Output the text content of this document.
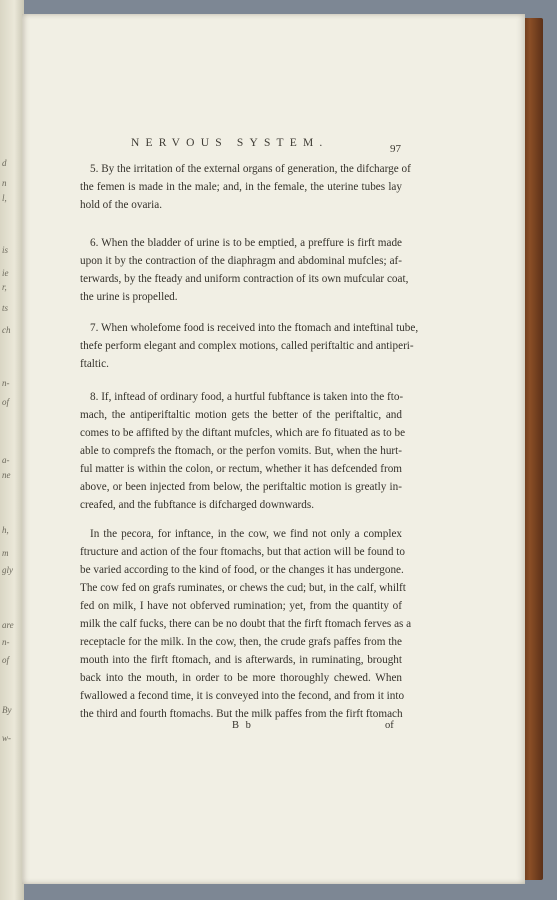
d
n
l,
is
ie
r,
ts
ch
n-
of
a-
ne
h,
m
gly
are
n-
of
By
w-
NERVOUS SYSTEM.	97
5. By the irritation of the external organs of generation, the difcharge of
the femen is made in the male; and, in the female, the uterine tubes lay
hold of the ovaria.
6. When the bladder of urine is to be emptied, a preffure is firft made
upon it by the contraction of the diaphragm and abdominal mufcles; af-
terwards, by the fteady and uniform contraction of its own mufcular coat,
the urine is propelled.
7. When wholefome food is received into the ftomach and inteftinal tube,
thefe perform elegant and complex motions, called periftaltic and antiperi-
ftaltic.
8. If, inftead of ordinary food, a hurtful fubftance is taken into the fto-
mach, the antiperiftaltic motion gets the better of the periftaltic, and
comes to be affifted by the diftant mufcles, which are fo fituated as to be
able to comprefs the ftomach, or the perfon vomits. But, when the hurt-
ful matter is within the colon, or rectum, whether it has defcended from
above, or been injected from below, the periftaltic motion is greatly in-
creafed, and the fubftance is difcharged downwards.
In the pecora, for inftance, in the cow, we find not only a complex
ftructure and action of the four ftomachs, but that action will be found to
be varied according to the kind of food, or the changes it has undergone.
The cow fed on grafs ruminates, or chews the cud; but, in the calf, whilft
fed on milk, I have not obferved rumination; yet, from the quantity of
milk the calf fucks, there can be no doubt that the firft ftomach ferves as a
receptacle for the milk. In the cow, then, the crude grafs paffes from the
mouth into the firft ftomach, and is afterwards, in ruminating, brought
back into the mouth, in order to be more thoroughly chewed. When
fwallowed a fecond time, it is conveyed into the fecond, and from it into
the third and fourth ftomachs. But the milk paffes from the firft ftomach
B b	of
